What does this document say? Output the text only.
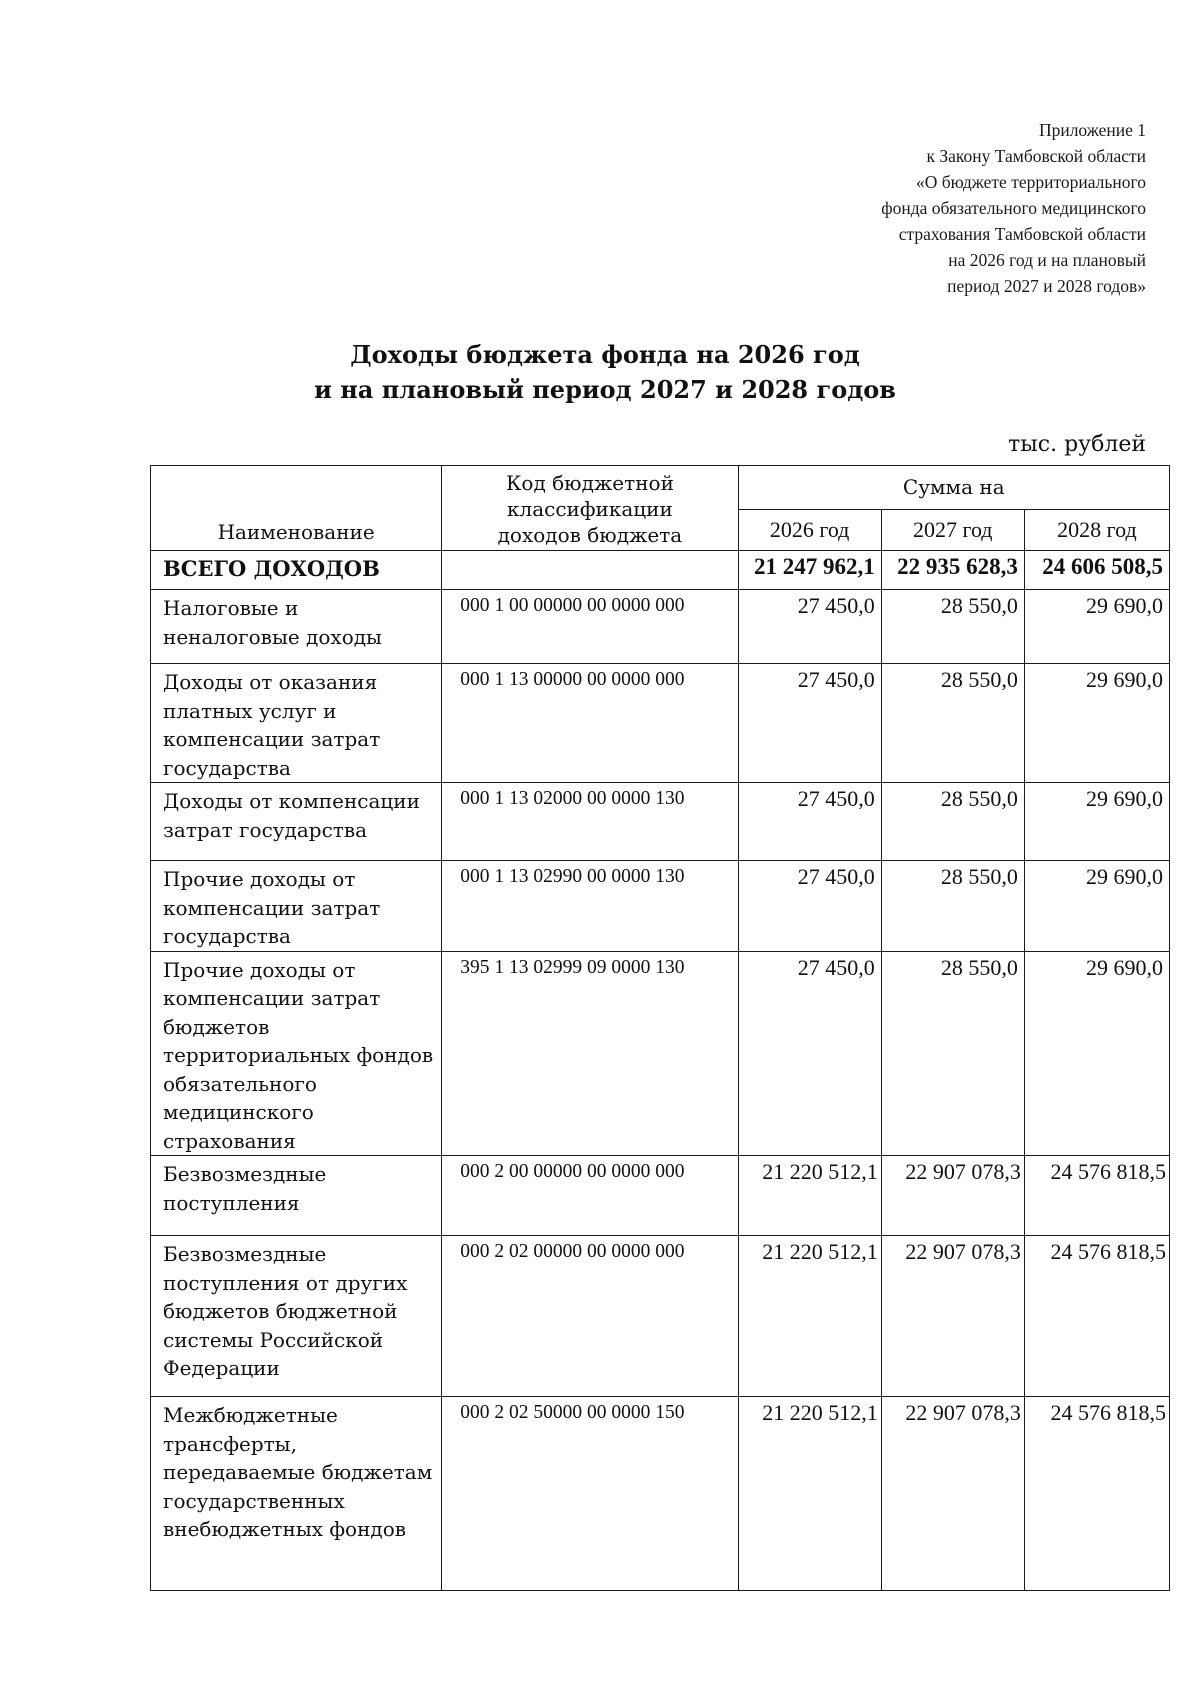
Приложение 1
к Закону Тамбовской области
«О бюджете территориального
фонда обязательного медицинского
страхования Тамбовской области
на 2026 год и на плановый
период 2027 и 2028 годов»
Доходы бюджета фонда на 2026 год
и на плановый период 2027 и 2028 годов
тыс. рублей
Наименование	Код бюджетной
классификации
доходов бюджета	Сумма на		
		2026 год	2027 год	2028 год
ВСЕГО ДОХОДОВ		21 247 962,1	22 935 628,3	24 606 508,5
Налоговые и неналоговые доходы	000 1 00 00000 00 0000 000	27 450,0	28 550,0	29 690,0
Доходы от оказания платных услуг и компенсации затрат государства	000 1 13 00000 00 0000 000	27 450,0	28 550,0	29 690,0
Доходы от компенсации затрат государства	000 1 13 02000 00 0000 130	27 450,0	28 550,0	29 690,0
Прочие доходы от компенсации затрат государства	000 1 13 02990 00 0000 130	27 450,0	28 550,0	29 690,0
Прочие доходы от компенсации затрат бюджетов территориальных фондов обязательного медицинского страхования	395 1 13 02999 09 0000 130	27 450,0	28 550,0	29 690,0
Безвозмездные поступления	000 2 00 00000 00 0000 000	21 220 512,1	22 907 078,3	24 576 818,5
Безвозмездные поступления от других бюджетов бюджетной системы Российской Федерации	000 2 02 00000 00 0000 000	21 220 512,1	22 907 078,3	24 576 818,5
Межбюджетные трансферты, передаваемые бюджетам государственных внебюджетных фондов	000 2 02 50000 00 0000 150	21 220 512,1	22 907 078,3	24 576 818,5
